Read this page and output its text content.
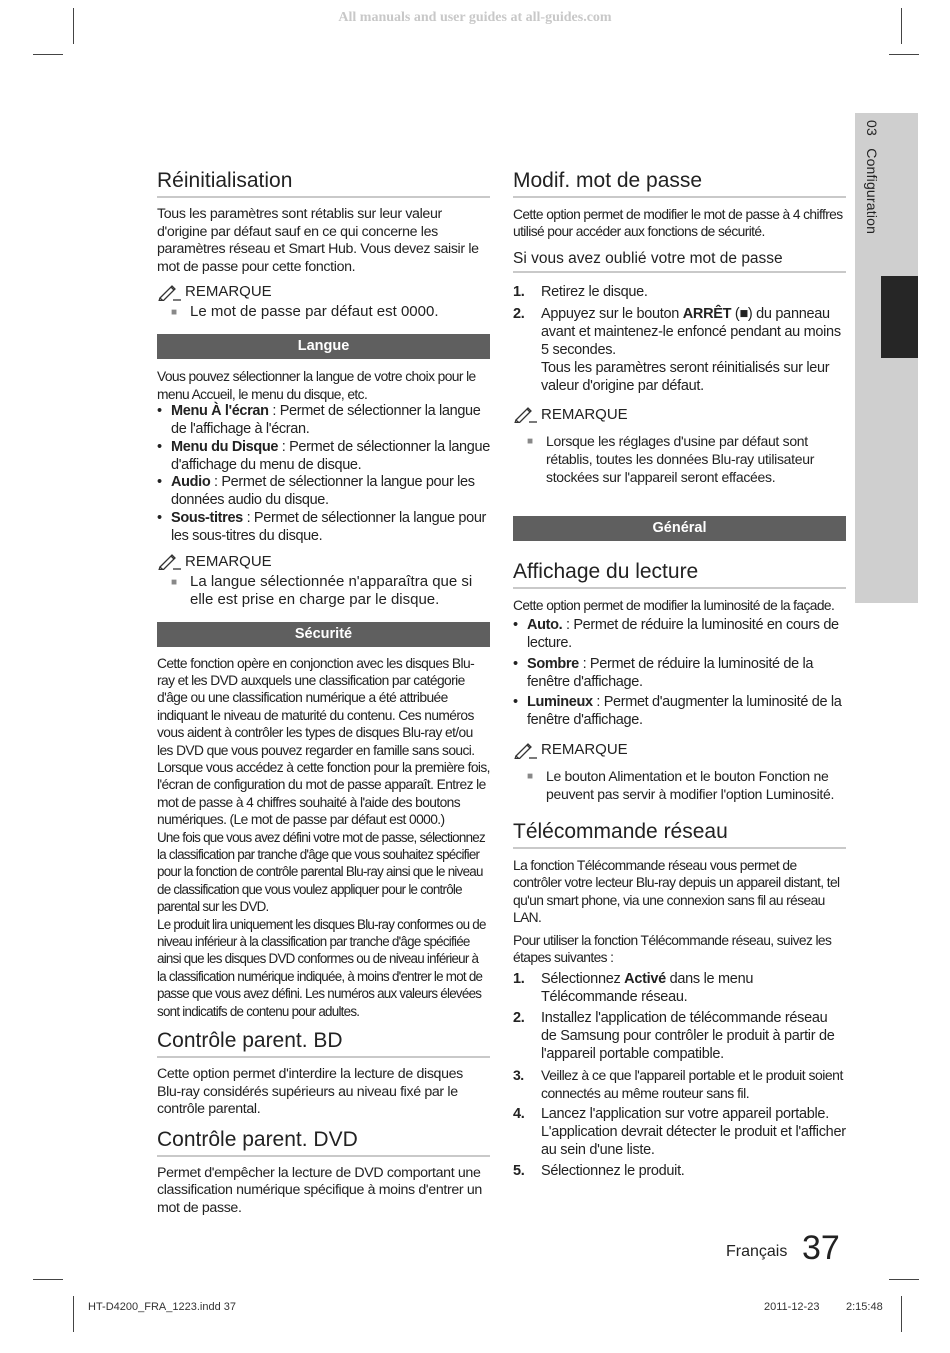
All manuals and user guides at all-guides.com
03   Configuration
Réinitialisation

Tous les paramètres sont rétablis sur leur valeur d'origine par défaut sauf en ce qui concerne les paramètres réseau et Smart Hub. Vous devez saisir le mot de passe pour cette fonction.

REMARQUE
■ Le mot de passe par défaut est 0000.
Langue

Vous pouvez sélectionner la langue de votre choix pour le menu Accueil, le menu du disque, etc.

• Menu À l'écran : Permet de sélectionner la langue de l'affichage à l'écran.
• Menu du Disque : Permet de sélectionner la langue d'affichage du menu de disque.
• Audio : Permet de sélectionner la langue pour les données audio du disque.
• Sous-titres : Permet de sélectionner la langue pour les sous-titres du disque.
REMARQUE
■ La langue sélectionnée n'apparaîtra que si elle est prise en charge par le disque.
Sécurité

Cette fonction opère en conjonction avec les disques Blu-ray et les DVD auxquels une classification par catégorie d'âge ou une classification numérique a été attribuée indiquant le niveau de maturité du contenu. Ces numéros vous aident à contrôler les types de disques Blu-ray et/ou les DVD que vous pouvez regarder en famille sans souci.

Lorsque vous accédez à cette fonction pour la première fois, l'écran de configuration du mot de passe apparaît. Entrez le mot de passe à 4 chiffres souhaité à l'aide des boutons numériques. (Le mot de passe par défaut est 0000.)

Une fois que vous avez défini votre mot de passe, sélectionnez la classification par tranche d'âge que vous souhaitez spécifier pour la fonction de contrôle parental Blu-ray ainsi que le niveau de classification que vous voulez appliquer pour le contrôle parental sur les DVD.

Le produit lira uniquement les disques Blu-ray conformes ou de niveau inférieur à la classification par tranche d'âge spécifiée ainsi que les disques DVD conformes ou de niveau inférieur à la classification numérique indiquée, à moins d'entrer le mot de passe que vous avez défini. Les numéros aux valeurs élevées sont indicatifs de contenu pour adultes.

Contrôle parent. BD

Cette option permet d'interdire la lecture de disques Blu-ray considérés supérieurs au niveau fixé par le contrôle parental.

Contrôle parent. DVD

Permet d'empêcher la lecture de DVD comportant une classification numérique spécifique à moins d'entrer un mot de passe.

Modif. mot de passe

Cette option permet de modifier le mot de passe à 4 chiffres utilisé pour accéder aux fonctions de sécurité.

Si vous avez oublié votre mot de passe
1.	Retirez le disque.
2.	Appuyez sur le bouton ARRÊT (■) du panneau avant et maintenez-le enfoncé pendant au moins 5 secondes.
Tous les paramètres seront réinitialisés sur leur valeur d'origine par défaut.
REMARQUE
■ Lorsque les réglages d'usine par défaut sont rétablis, toutes les données Blu-ray utilisateur stockées sur l'appareil seront effacées.
Général
Affichage du lecture

Cette option permet de modifier la luminosité de la façade.

• Auto. : Permet de réduire la luminosité en cours de lecture.
• Sombre : Permet de réduire la luminosité de la fenêtre d'affichage.
• Lumineux : Permet d'augmenter la luminosité de la fenêtre d'affichage.
REMARQUE
■ Le bouton Alimentation et le bouton Fonction ne peuvent pas servir à modifier l'option Luminosité.
Télécommande réseau

La fonction Télécommande réseau vous permet de contrôler votre lecteur Blu-ray depuis un appareil distant, tel qu'un smart phone, via une connexion sans fil au réseau LAN.

Pour utiliser la fonction Télécommande réseau, suivez les étapes suivantes :

1.	Sélectionnez Activé dans le menu Télécommande réseau.
2.	Installez l'application de télécommande réseau de Samsung pour contrôler le produit à partir de l'appareil portable compatible.
3.	Veillez à ce que l'appareil portable et le produit soient connectés au même routeur sans fil.
4.	Lancez l'application sur votre appareil portable. L'application devrait détecter le produit et l'afficher au sein d'une liste.
5.	Sélectionnez le produit.
Français 37
HT-D4200_FRA_1223.indd 37	2011-12-23 2:15:48
